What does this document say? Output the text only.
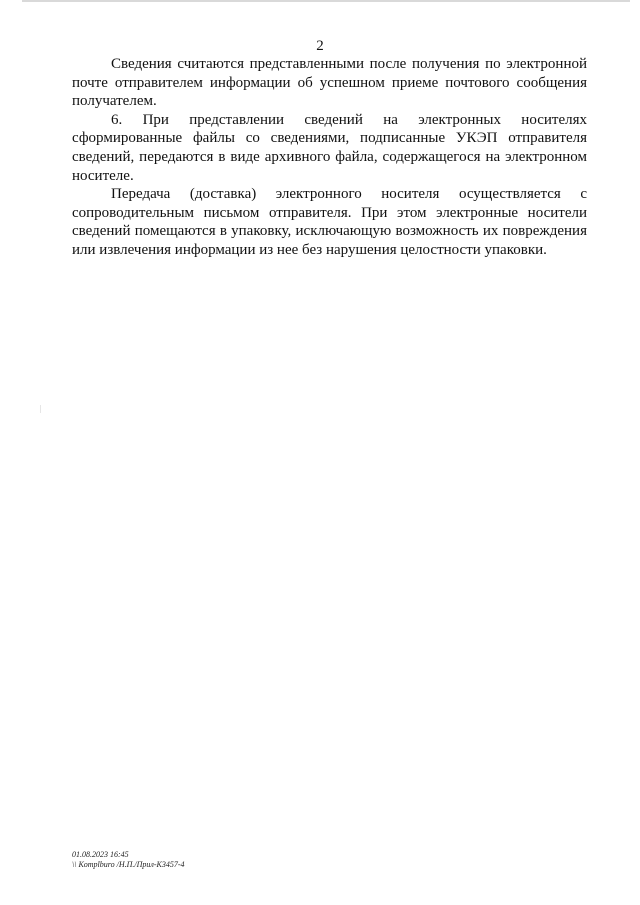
2

Сведения считаются представленными после получения по электронной почте отправителем информации об успешном приеме почтового сообщения получателем.

6. При представлении сведений на электронных носителях сформированные файлы со сведениями, подписанные УКЭП отправителя сведений, передаются в виде архивного файла, содержащегося на электронном носителе.

Передача (доставка) электронного носителя осуществляется с сопроводительным письмом отправителя. При этом электронные носители сведений помещаются в упаковку, исключающую возможность их повреждения или извлечения информации из нее без нарушения целостности упаковки.

01.08.2023 16:45
\\ Komplburo /Н.П./Прил-К3457-4
